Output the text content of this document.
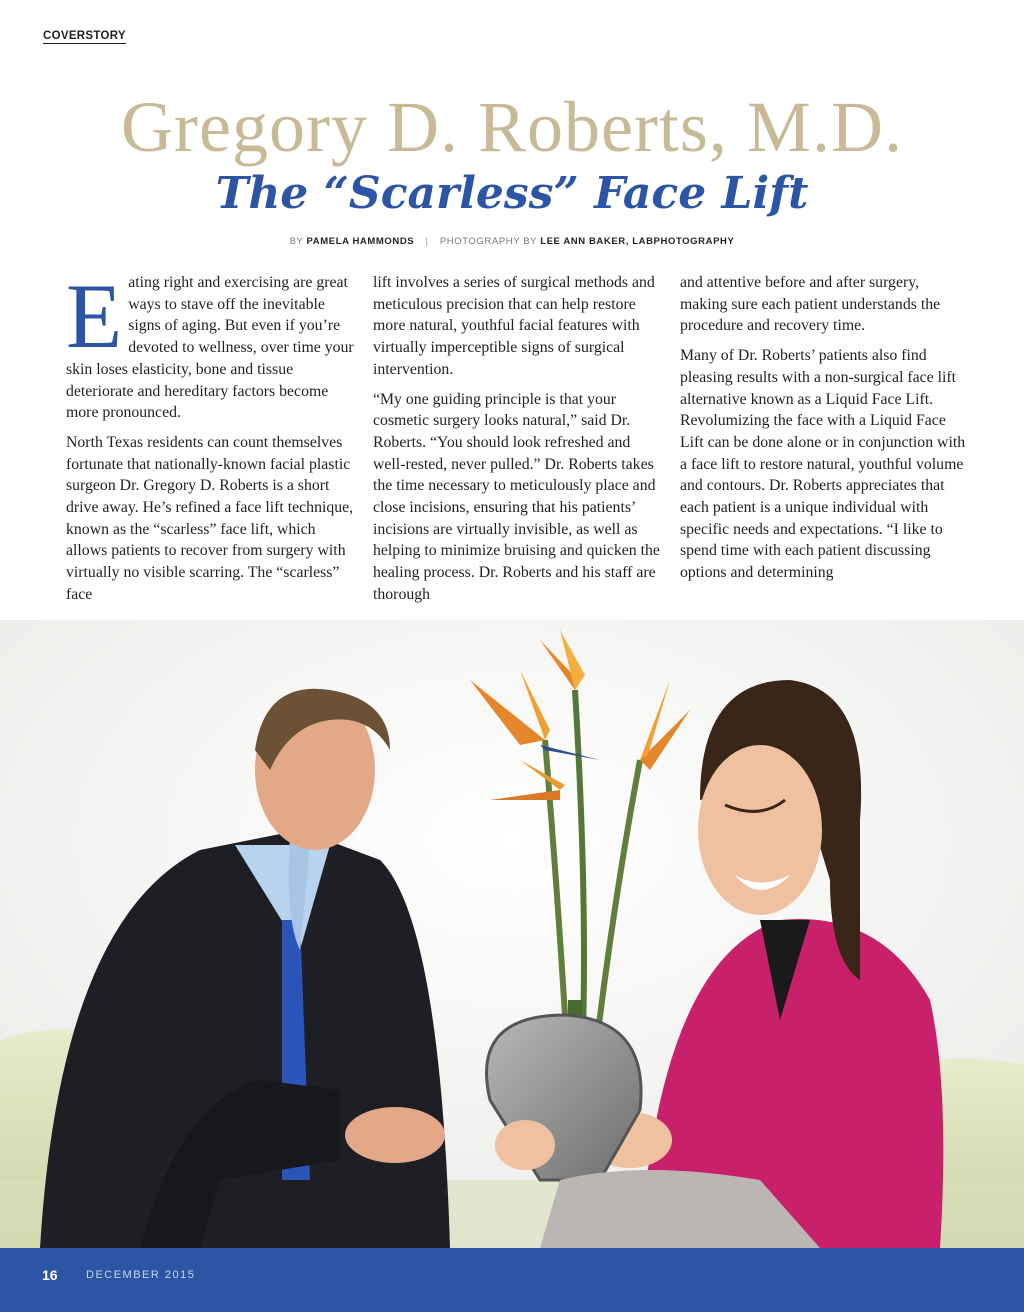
COVERSTORY
Gregory D. Roberts, M.D.
The “Scarless” Face Lift
BY PAMELA HAMMONDS | PHOTOGRAPHY BY LEE ANN BAKER, LABPHOTOGRAPHY

Eating right and exercising are great ways to stave off the inevitable signs of aging. But even if you’re devoted to wellness, over time your skin loses elasticity, bone and tissue deteriorate and hereditary factors become more pronounced.

North Texas residents can count themselves fortunate that nationally-known facial plastic surgeon Dr. Gregory D. Roberts is a short drive away. He’s refined a face lift technique, known as the “scarless” face lift, which allows patients to recover from surgery with virtually no visible scarring. The “scarless” face

lift involves a series of surgical methods and meticulous precision that can help restore more natural, youthful facial features with virtually imperceptible signs of surgical intervention.

“My one guiding principle is that your cosmetic surgery looks natural,” said Dr. Roberts. “You should look refreshed and well-rested, never pulled.” Dr. Roberts takes the time necessary to meticulously place and close incisions, ensuring that his patients’ incisions are virtually invisible, as well as helping to minimize bruising and quicken the healing process. Dr. Roberts and his staff are thorough

and attentive before and after surgery, making sure each patient understands the procedure and recovery time.

Many of Dr. Roberts’ patients also find pleasing results with a non-surgical face lift alternative known as a Liquid Face Lift. Revolumizing the face with a Liquid Face Lift can be done alone or in conjunction with a face lift to restore natural, youthful volume and contours. Dr. Roberts appreciates that each patient is a unique individual with specific needs and expectations. “I like to spend time with each patient discussing options and determining

16	DECEMBER 2015
